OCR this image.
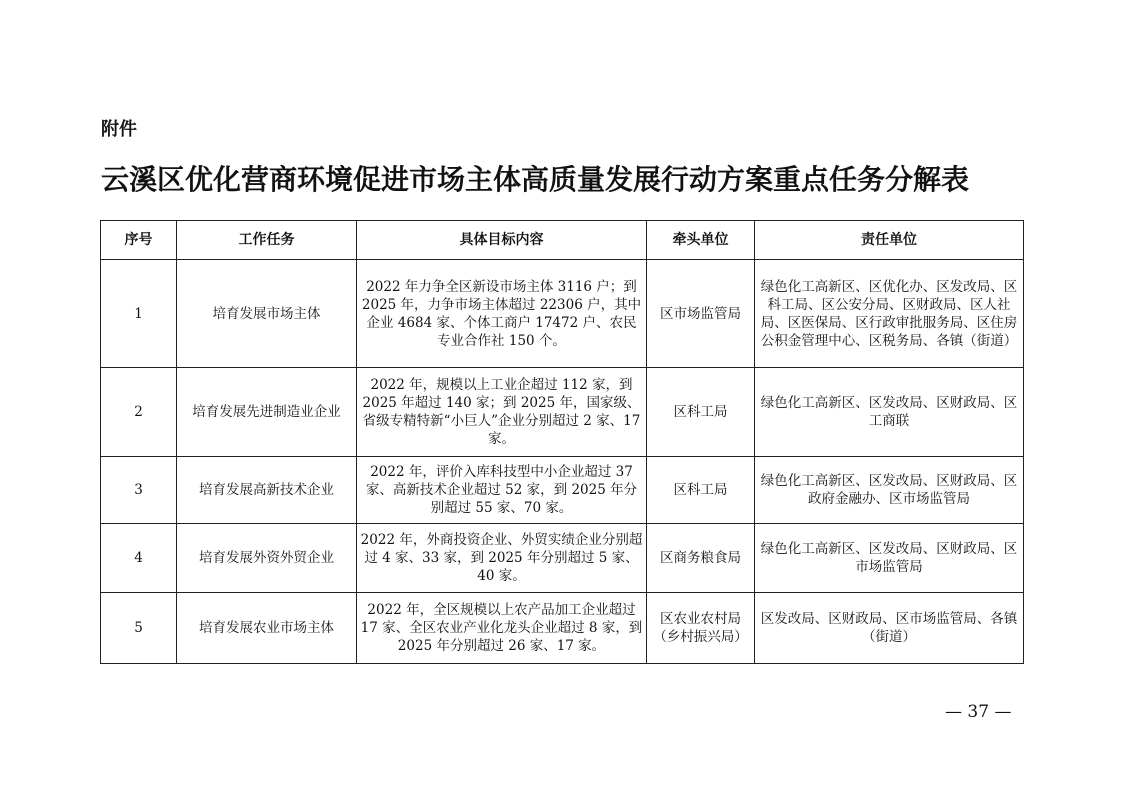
附件
云溪区优化营商环境促进市场主体高质量发展行动方案重点任务分解表
序号	工作任务	具体目标内容	牵头单位	责任单位
1	培育发展市场主体	2022 年力争全区新设市场主体 3116 户；到 2025 年，力争市场主体超过 22306 户，其中企业 4684 家、个体工商户 17472 户、农民专业合作社 150 个。	区市场监管局	绿色化工高新区、区优化办、区发改局、区科工局、区公安分局、区财政局、区人社局、区医保局、区行政审批服务局、区住房公积金管理中心、区税务局、各镇（街道）
2	培育发展先进制造业企业	2022 年，规模以上工业企超过 112 家，到 2025 年超过 140 家；到 2025 年，国家级、省级专精特新“小巨人”企业分别超过 2 家、17 家。	区科工局	绿色化工高新区、区发改局、区财政局、区工商联
3	培育发展高新技术企业	2022 年，评价入库科技型中小企业超过 37 家、高新技术企业超过 52 家，到 2025 年分别超过 55 家、70 家。	区科工局	绿色化工高新区、区发改局、区财政局、区政府金融办、区市场监管局
4	培育发展外资外贸企业	2022 年，外商投资企业、外贸实绩企业分别超过 4 家、33 家，到 2025 年分别超过 5 家、40 家。	区商务粮食局	绿色化工高新区、区发改局、区财政局、区市场监管局
5	培育发展农业市场主体	2022 年，全区规模以上农产品加工企业超过 17 家、全区农业产业化龙头企业超过 8 家，到 2025 年分别超过 26 家、17 家。	区农业农村局（乡村振兴局）	区发改局、区财政局、区市场监管局、各镇（街道）
— 37 —
